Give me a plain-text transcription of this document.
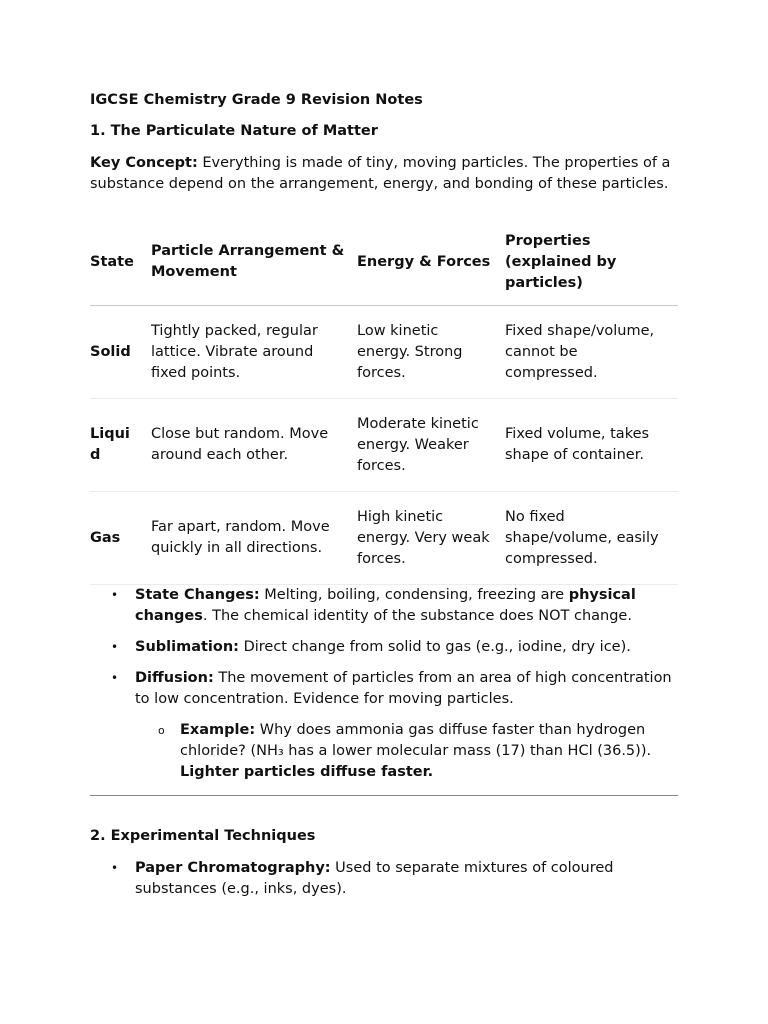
IGCSE Chemistry Grade 9 Revision Notes

1. The Particulate Nature of Matter

Key Concept: Everything is made of tiny, moving particles. The properties of a substance depend on the arrangement, energy, and bonding of these particles.

State	Particle Arrangement & Movement	Energy & Forces	Properties (explained by particles)

Solid	Tightly packed, regular lattice. Vibrate around fixed points.	Low kinetic energy. Strong forces.	Fixed shape/volume, cannot be compressed.

Liquid	Close but random. Move around each other.	Moderate kinetic energy. Weaker forces.	Fixed volume, takes shape of container.

Gas	Far apart, random. Move quickly in all directions.	High kinetic energy. Very weak forces.	No fixed shape/volume, easily compressed.
• State Changes: Melting, boiling, condensing, freezing are physical changes. The chemical identity of the substance does NOT change.
• Sublimation: Direct change from solid to gas (e.g., iodine, dry ice).
• Diffusion: The movement of particles from an area of high concentration to low concentration. Evidence for moving particles.
o Example: Why does ammonia gas diffuse faster than hydrogen chloride? (NH₃ has a lower molecular mass (17) than HCl (36.5)). Lighter particles diffuse faster.

2. Experimental Techniques

• Paper Chromatography: Used to separate mixtures of coloured substances (e.g., inks, dyes).
